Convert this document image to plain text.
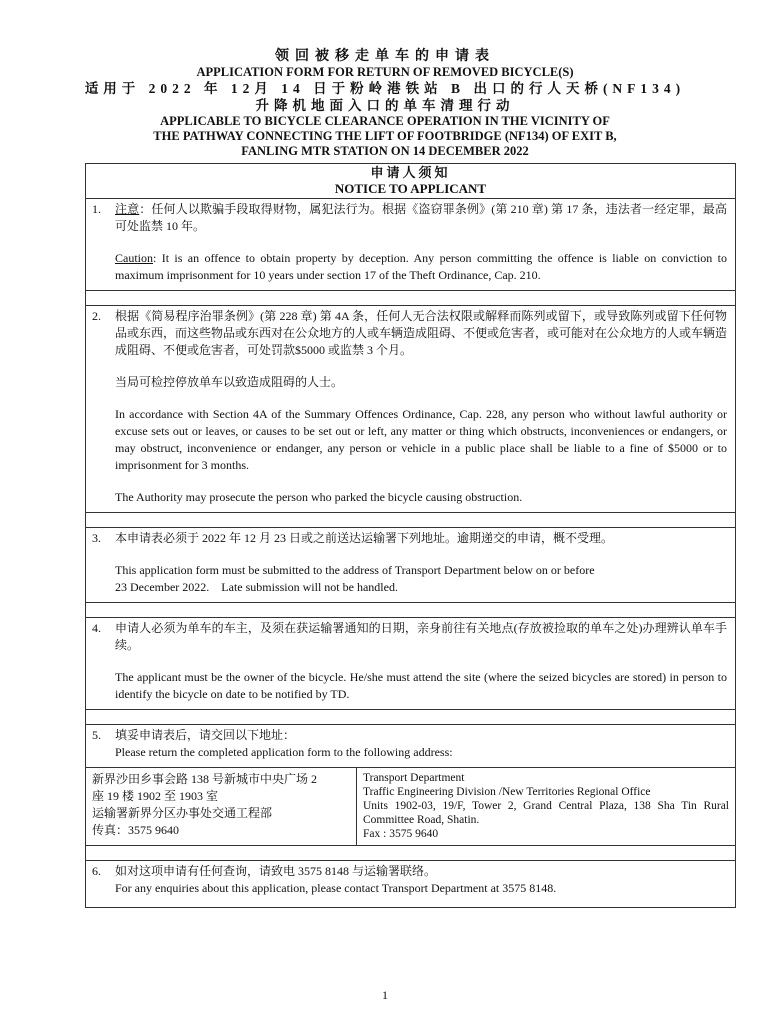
领回被移走单车的申请表
APPLICATION FORM FOR RETURN OF REMOVED BICYCLE(S)
适用于 2022 年 12月 14 日于粉岭港铁站 B 出口的行人天桥(NF134)
升降机地面入口的单车清理行动
APPLICABLE TO BICYCLE CLEARANCE OPERATION IN THE VICINITY OF
THE PATHWAY CONNECTING THE LIFT OF FOOTBRIDGE (NF134) OF EXIT B,
FANLING MTR STATION ON 14 DECEMBER 2022
申请人须知
NOTICE TO APPLICANT
1. 注意：任何人以欺骗手段取得财物，属犯法行为。根据《盗窃罪条例》(第 210 章) 第 17 条，违法者一经定罪，最高可处监禁 10 年。

Caution: It is an offence to obtain property by deception. Any person committing the offence is liable on conviction to maximum imprisonment for 10 years under section 17 of the Theft Ordinance, Cap. 210.

2. 根据《简易程序治罪条例》(第 228 章) 第 4A 条，任何人无合法权限或解释而陈列或留下，或导致陈列或留下任何物品或东西，而这些物品或东西对在公众地方的人或车辆造成阻碍、不便或危害者，或可能对在公众地方的人或车辆造成阻碍、不便或危害者，可处罚款$5000 或监禁 3 个月。

当局可检控停放单车以致造成阻碍的人士。

In accordance with Section 4A of the Summary Offences Ordinance, Cap. 228, any person who without lawful authority or excuse sets out or leaves, or causes to be set out or left, any matter or thing which obstructs, inconveniences or endangers, or may obstruct, inconvenience or endanger, any person or vehicle in a public place shall be liable to a fine of $5000 or to imprisonment for 3 months.

The Authority may prosecute the person who parked the bicycle causing obstruction.

3. 本申请表必须于 2022 年 12 月 23 日或之前送达运输署下列地址。逾期递交的申请，概不受理。

This application form must be submitted to the address of Transport Department below on or before
23 December 2022.    Late submission will not be handled.

4. 申请人必须为单车的车主，及须在获运输署通知的日期，亲身前往有关地点(存放被捡取的单车之处)办理辨认单车手续。

The applicant must be the owner of the bicycle. He/she must attend the site (where the seized bicycles are stored) in person to identify the bicycle on date to be notified by TD.

5. 填妥申请表后，请交回以下地址：
Please return the completed application form to the following address:
新界沙田乡事会路 138 号新城市中央广场 2
座 19 楼 1902 至 1903 室
运输署新界分区办事处交通工程部
传真：3575 9640
Transport Department
Traffic Engineering Division /New Territories Regional Office
Units 1902-03, 19/F, Tower 2, Grand Central Plaza, 138 Sha Tin Rural Committee Road, Shatin.
Fax : 3575 9640
6. 如对这项申请有任何查询，请致电 3575 8148 与运输署联络。
For any enquiries about this application, please contact Transport Department at 3575 8148.
1
